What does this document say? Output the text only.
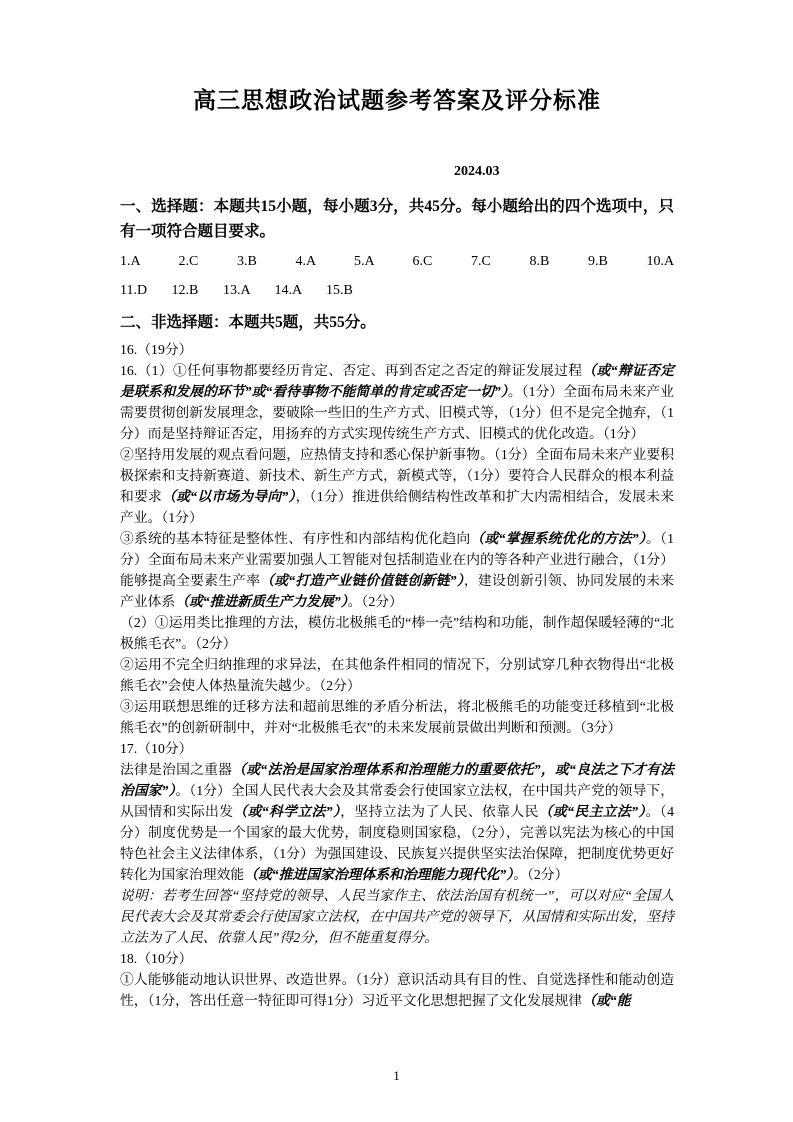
高三思想政治试题参考答案及评分标准
2024.03

一、选择题：本题共15小题，每小题3分，共45分。每小题给出的四个选项中，只有一项符合题目要求。

1.A	2.C	3.B	4.A	5.A	6.C	7.C	8.B	9.B	10.A
11.D 12.B 13.A 14.A 15.B

二、非选择题：本题共5题，共55分。

16.（19分）

16.（1）①任何事物都要经历肯定、否定、再到否定之否定的辩证发展过程（或“辩证否定是联系和发展的环节”或“看待事物不能简单的肯定或否定一切”）。（1分）全面布局未来产业需要贯彻创新发展理念，要破除一些旧的生产方式、旧模式等，（1分）但不是完全抛弃，（1分）而是坚持辩证否定，用扬弃的方式实现传统生产方式、旧模式的优化改造。（1分）

②坚持用发展的观点看问题，应热情支持和悉心保护新事物。（1分）全面布局未来产业要积极探索和支持新赛道、新技术、新生产方式，新模式等，（1分）要符合人民群众的根本利益和要求（或“以市场为导向”），（1分）推进供给侧结构性改革和扩大内需相结合，发展未来产业。（1分）

③系统的基本特征是整体性、有序性和内部结构优化趋向（或“掌握系统优化的方法”）。（1分）全面布局未来产业需要加强人工智能对包括制造业在内的等各种产业进行融合，（1分）能够提高全要素生产率（或“打造产业链价值链创新链”），建设创新引领、协同发展的未来产业体系（或“推进新质生产力发展”）。（2分）

（2）①运用类比推理的方法，模仿北极熊毛的“棒一壳”结构和功能，制作超保暖轻薄的“北极熊毛衣”。（2分）

②运用不完全归纳推理的求异法，在其他条件相同的情况下，分别试穿几种衣物得出“北极熊毛衣”会使人体热量流失越少。（2分）

③运用联想思维的迁移方法和超前思维的矛盾分析法，将北极熊毛的功能变迁移植到“北极熊毛衣”的创新研制中，并对“北极熊毛衣”的未来发展前景做出判断和预测。（3分）

17.（10分）

法律是治国之重器（或“法治是国家治理体系和治理能力的重要依托”，或“良法之下才有法治国家”）。（1分）全国人民代表大会及其常委会行使国家立法权，在中国共产党的领导下，从国情和实际出发（或“科学立法”），坚持立法为了人民、依靠人民（或“民主立法”）。（4分）制度优势是一个国家的最大优势，制度稳则国家稳，（2分），完善以宪法为核心的中国特色社会主义法律体系，（1分）为强国建设、民族复兴提供坚实法治保障，把制度优势更好转化为国家治理效能（或“推进国家治理体系和治理能力现代化”）。（2分）

说明：若考生回答“坚持党的领导、人民当家作主、依法治国有机统一”，可以对应“全国人民代表大会及其常委会行使国家立法权，在中国共产党的领导下，从国情和实际出发，坚持立法为了人民、依靠人民”得2分，但不能重复得分。

18.（10分）

①人能够能动地认识世界、改造世界。（1分）意识活动具有目的性、自觉选择性和能动创造性，（1分，答出任意一特征即可得1分）习近平文化思想把握了文化发展规律（或“能

1
